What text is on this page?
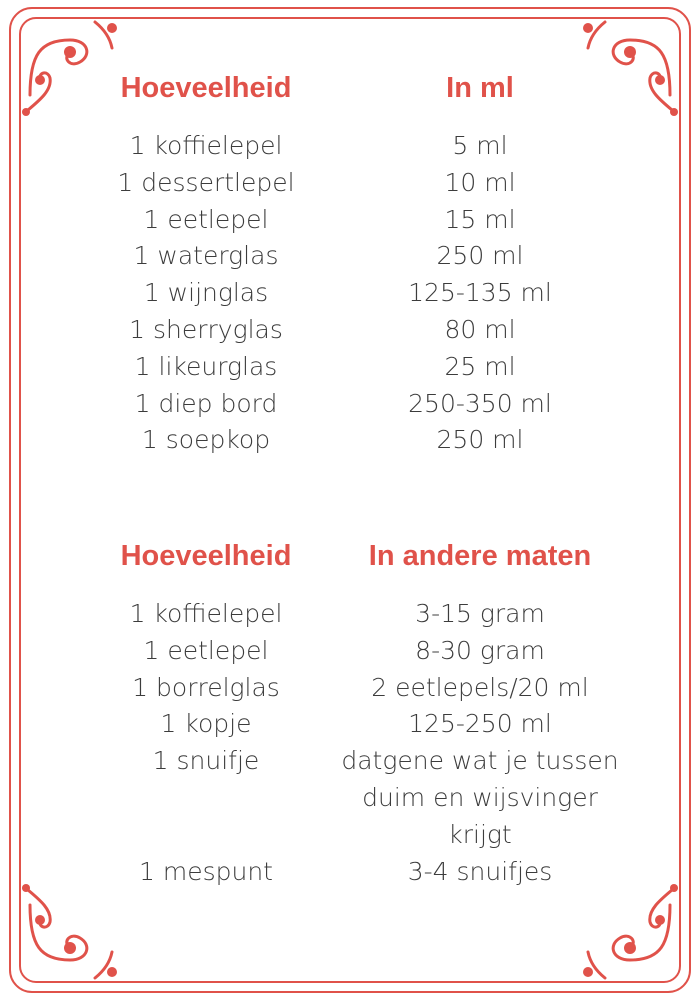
Hoeveelheid	In ml
1 koffielepel	5 ml
1 dessertlepel	10 ml
1 eetlepel	15 ml
1 waterglas	250 ml
1 wijnglas	125-135 ml
1 sherryglas	80 ml
1 likeurglas	25 ml
1 diep bord	250-350 ml
1 soepkop	250 ml
Hoeveelheid	In andere maten
1 koffielepel	3-15 gram
1 eetlepel	8-30 gram
1 borrelglas	2 eetlepels/20 ml
1 kopje	125-250 ml
1 snuifje	datgene wat je tussen
duim en wijsvinger
krijgt
1 mespunt	3-4 snuifjes
